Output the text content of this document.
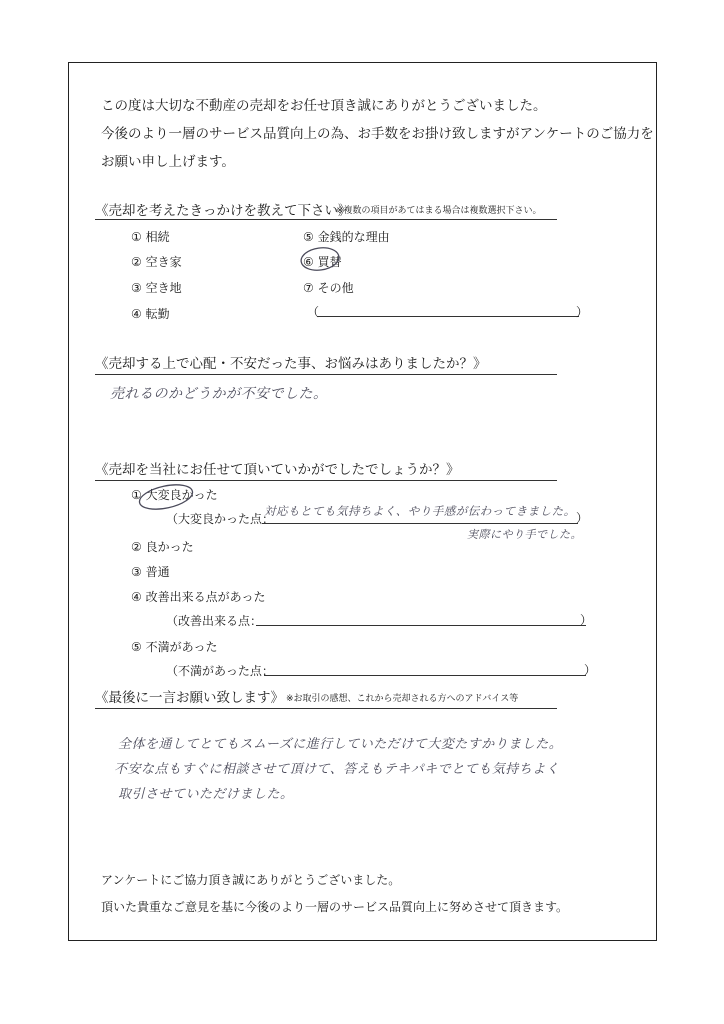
この度は大切な不動産の売却をお任せ頂き誠にありがとうございました。
今後のより一層のサービス品質向上の為、お手数をお掛け致しますがアンケートのご協力を
お願い申し上げます。
《売却を考えたきっかけを教えて下さい》
※複数の項目があてはまる場合は複数選択下さい。
① 相続
② 空き家
③ 空き地
④ 転勤
⑤ 金銭的な理由
⑥ 買替
⑦ その他
（	）
《売却する上で心配・不安だった事、お悩みはありましたか？》
売れるのかどうかが不安でした。
《売却を当社にお任せて頂いていかがでしたでしょうか？》
① 大変良かった
（大変良かった点：	）
対応もとても気持ちよく、やり手感が伝わってきました。
実際にやり手でした。
② 良かった
③ 普通
④ 改善出来る点があった
（改善出来る点：	）
⑤ 不満があった
（不満があった点：	）
《最後に一言お願い致します》 ※お取引の感想、これから売却される方へのアドバイス等
全体を通してとてもスムーズに進行していただけて大変たすかりました。
不安な点もすぐに相談させて頂けて、答えもテキパキでとても気持ちよく
取引させていただけました。
アンケートにご協力頂き誠にありがとうございました。
頂いた貴重なご意見を基に今後のより一層のサービス品質向上に努めさせて頂きます。
